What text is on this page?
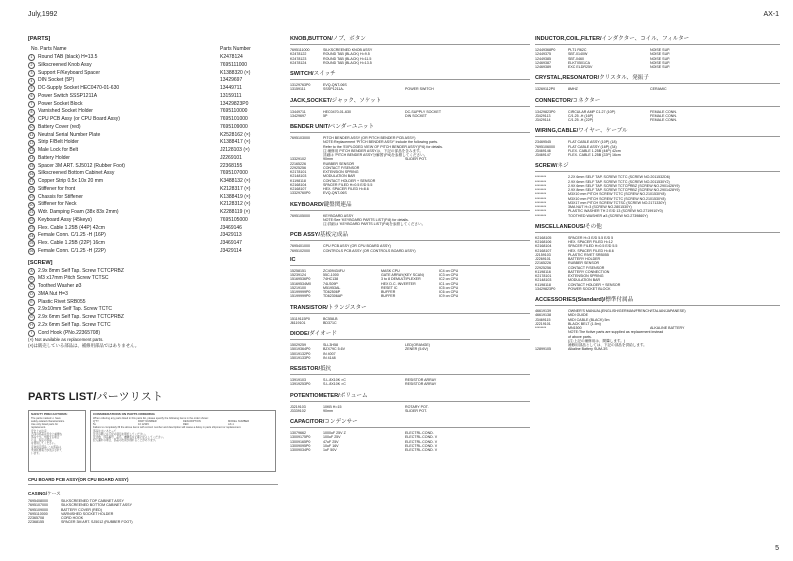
July,1992	AX-1
[PARTS]
No. Parts Name	Parts Number
1	Round TAB (black) H=13.5	K2478124
2	Silkscreened Knob Assy	7695111000
3	Support F/Keyboard Spacer	K1388320 (×)
4	DIN Socket (5P)	13429697
5	DC-Supply Socket HEC0470-01-630	13449711
6	Power Switch SSSP1211A	13159111
7	Power Socket Block	13429823P0
8	Varnished Socket Holder	7695110000
9	CPU PCB Assy (or CPU Board Assy)	7695101000
10 Battery Cover (red)	7695109000
11 Neutral Serial Number Plate	K2528162 (×)
12 Strip F/Belt Holder	K1388417 (×)
13 Male Lock for Belt	J2128103 (×)
14 Battery Holder	J2269101
15 Spacer 3M ART. SJ5012 (Rubber Foot)	22368155
16 Silkscreened Bottom Cabinet Assy	7695107000
17 Copper Strip 0.5x 10x 20 mm	K3488132 (×)
18 Stiffener for front	K2128317 (×)
19 Chassis for Stiffener	K1388419 (×)
20 Stiffener for Neck	K2128312 (×)
21 Wdr. Damping Foam (38x 83x 2mm)	K2288119 (×)
22 Keyboard Assy (45keys)	7695105000
23 Flex. Cable 1.25B (44P) 42cm	J3469146
24 Female Conn. C/1.25 -H (16P)	J3429113
25 Flex. Cable 1.25B (22P) 16cm	J3469147
26 Female Conn. C/1.25 -H (22P)	J3429114
[SCREW]
A	2.9x 8mm Self Tap. Screw TCTCPRBZ
B	M3 x17mm Pitch Screw TCTSC
C	Toothed Washer ø3
D	3MA Nut H=3
E	Plastic Rivet SRB055
F	2.9x10mm Self Tap. Screw TCTC
G	2.9x 6mm Self Tap. Screw TCTCPRBZ
H	2.2x 6mm Self Tap. Screw TCTC
I	Cord Hook (PNo.22365708)
(×) Not available as replacement parts.
(×)は販売している部品は、補修用部品ではありません。
PARTS LIST/パーツリスト
SAFETY PRECAUTIONS:
The parts marked ⚠ have
safety-related characteristics.
Use only listed parts for
replacement.
安全上の注意:
⚠印の部品は安全上重要な
部品です。交換する場合
には、指定の部品
を使用してください。
寿命設定部品: この部品は
実効耗費電力が表示されて
います。
CONSIDERATIONS ON PARTS ORDERING
When ordering any parts listed in this parts list, please specify the following items in the order shown:
Q'TY	PART NUMBER	DESCRIPTION	MODEL NUMBER
5s	10 12345	RED	AX-1
Failure to completely fill the above items with correct number and description will cause a delay in parts shipment or replacement.
部品注文にあたって
注文の際には下記の項目を明記してください。
注文数、部品番号、品名、機種名を正確に記入してください。
記入漏れの場合、部品の出荷が遅れることがあります。
CPU BOARD PCB ASSY(OR CPU BOARD ASSY)
CASING/ケース
7695408000	SILKSCREENED TOP CABINET ASSY
7695107000	SILKSCREENED BOTTOM CABINET ASSY
7695109000	BATTERY COVER (RED)
7695110000	VARNISHED SOCKET HOLDER
22365708	CORD HOOK
22368155	SPACER 3M ART. SJ5012 (RUBBER FOOT)
KNOB,BUTTON/ノブ、ボタン
7695111000	SILKSCREENED KNOB ASSY
K2478122	ROUND TAB (BLACK) H=9.5
K2478123	ROUND TAB (BLACK) H=11.5
K2478124	ROUND TAB (BLACK) H=13.5
SWITCH/スイッチ
13129763P0	EVQ-QNT-06S
13159111	SSSP1211A-	POWER SWITCH
JACK,SOCKET/ジャック、ソケット
13449711	HEC0470-01-630	DC-SUPPLY SOCKET
13429697	5P	DIN SOCKET
BENDER UNIT/ベンダーユニット
7695103000	PITCH BENDER ASSY (OR PITCH BENDER PCB ASSY)
NOTE:Replacement 'PITCH BENDER ASSY' include the following parts.
Refer to the 'EXPLODED VIEW OF PITCH BENDER ASSY'(P.6) for details.
注:補修用 PITCH BENDER ASSYは、下記の部品を含みます。
詳細は 'PITCH BENDER ASSY分解図'(P.6)を参照してください。
13329102	90mm	SLIDER POT.
22165226	RUBBER SENSOR
22925256	CONTACT F/SENSOR
K2178101	EXTENSION SPRING
K2148103	MODULATION BAR
K1198118	CONTACT HOLDER + SENSOR
K2168104	SPACER FILED H=0.5 E/D 5.5
K2168107	HEX. SPACER FILED H=8.6
13329760P0	EVQ-QNT-06S
KEYBOARD/鍵盤関連品
7695105000	KEYBOARD ASSY
NOTE:See 'KEYBOARD PARTS LIST'(P.8) for details.
注:詳細は 'KEYBOARD PARTS LIST'(P.8)を参照してください。
PCB ASSY/基板完成品
7695401000	CPU PCB ASSY (OR CPU BOARD ASSY)
7695102000	CONTROLS PCB ASSY (OR CONTROLS BOARD ASSY)
IC
15258151	ZC409434FU	MASK CPU	IC4 on CPU
15239124	55C-1000	GATE ARRAY(KEY SCAN)	IC3 on CPU
15169536P0	74HC138	3 to 8 DEMULTIPLEXER	IC2 on CPU
15169534M0	74LS09P	HEX D.C. INVERTER	IC1 on CPU
15219100	M51953AL	RESET IC	IC5 on CPU
15199999P0	TD62506P	BUFFER	IC6 on CPU
15199999P0	TD62306AP	BUFFER	IC9 on CPU
TRANSISTOR/トランジスター
15119115P0	BC558-B
J6119101	BD371C
DIODE/ダイオード
15029259	SLL3H58	LED(ORANGE)
15019364P0	BZX79C 5.6V	ZENER (5.6V)
15019132P0	IN 4007
15019133P0	IN 4148
RESISTOR/抵抗
13919103	S.L.8X10K ×C	RESISTOR ARRAY
13919253P0	S.L.8X10K ×C	RESISTOR ARRAY
POTENTIOMETER/ボリューム
J3219103	10KB H=15	ROTARY POT.
J3339102	90mm	SLIDER POT.
CAPACITOR/コンデンサー
13079662	1000uF 25V Z	ELECTRL.COND.
13009175P0	100uF 25V	ELECTRL.COND. V
13009165P0	47uF 25V	ELECTRL.COND. V
13009095P0	10uF 16V	ELECTRL.COND. V
13009034P0	1uF 50V	ELECTRL.COND. V
INDUCTOR,COIL,FILTER/インダクター、コイル、フィルター
12449368P0	PLT1 R62C	NOISE SUP.
12449375	SBT-0140W	NOISE SUP.
12449385	SBT-0460	NOISE SUP.
12469387	ELKT0501CA	NOISE SUP.
12469389	EXC ELDR25V	NOISE SUP.
CRYSTAL,RESONATOR/クリスタル、発振子
13269112P0	8MHZ	CERAMIC
CONNECTOR/コネクター
13429823P0	CIRCULAR AMP C1.27 (10P)	FEMALE CONN.
J3429113	C/1.25 -H (16P)	FEMALE CONN.
J3429114	C/1.25 -H (22P)	FEMALE CONN.
WIRING,CABLE/ワイヤー、ケーブル
23469545	FLAT CABLE ASSY (10P) (18)
7695106000	FLAT CABLE ASSY (16P) (34)
J3469146	FLEX. CABLE 1.25B (44P) 42cm
J3469147	FLEX. CABLE 1.25B (22P) 16cm
SCREW/ネジ
********	2.2X 6mm SELF TAP. SCREW TCTC (SCREW NO.2011532D6)
********	2.9X 6mm SELF TAP. SCREW TCTC (SCREW NO.2011530Y2)
********	2.9X 6mm SELF TAP. SCREW TCTCPRBZ (SCREW NO.2901426Y9)
********	2.9X 8mm SELF TAP. SCREW TCTCPRBZ (SCREW NO.2901428Y9)
********	M3X10 mm PITCH SCREW TCTC (SCREW NO.2101530Y8)
********	M3X10 mm PITCH SCREW TCTC (SCREW NO.2101530Y8)
********	M3X17 mm PITCH SCREW TCTSC (SCREW NO.2171330Y)
********	3MA NUT H=3 (SCREW NO.2801530Y)
********	PLASTIC WASHER TH 2 E/D 13 (SCREW NO.2719910Y0)
********	TOOTHED WASHER ø3 (SCREW NO.2739860Y)
MISCELLANEOUS/その他
K2168105	SPACER H=3 E/D 5.5 E/D 5
K2168106	HEX. SPACER FILED H=12
K2168104	SPACER FILED H=0.5 E/D 5.5
K2168107	HEX. SPACER FILED H=8.6
J2159103	PLASTIC RIVET SRB055
J2269101	BATTERY HOLDER
22165226	RUBBER SENSOR
22925256	CONTACT F/SENSOR
K1198116	BATTERY CONNECTION
K2178101	EXTENSION SPRING
K2148103	MODULATION BAR
K1198118	CONTACT HOLDER + SENSOR
13429823P0	POWER SOCKET BLOCK
ACCESSORIES(Standard)/標準付属品
46619139	OWNER'S MANUAL(ENGLISH/GERMAN/FRENCH/ITALIAN/JAPANESE)
46619138	MIDI GUIDE
J3469115	MIDI CABLE (BLACK) 5m
J2219101	BLACK BELT (1.5m)
********	MN1500	ALKALINE BATTERY
NOTE:The fictive parts are supplied as replacement instead
of above parts.
(注:上記の補修用は、間隣します。)
補修用部品としては、下記の部品を供給します。
12899105	Alkaline Battery SUM-3S
5
